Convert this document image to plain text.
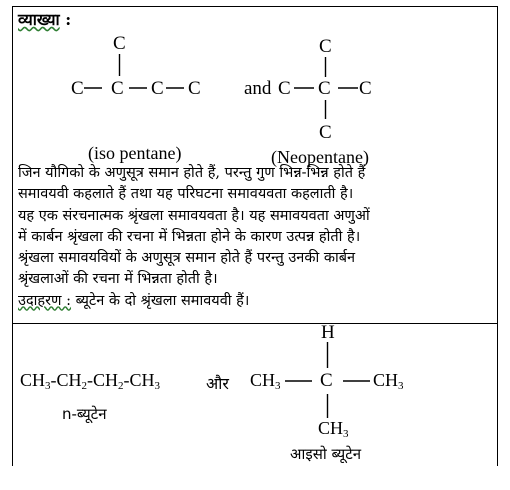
व्याख्या :
C
C C C C
(iso pentane)
and
C
C C C
C
(Neopentane)
जिन यौगिको के अणुसूत्र समान होते हैं, परन्तु गुण भिन्न-भिन्न होते हैं
समावयवी कहलाते हैं तथा यह परिघटना समावयवता कहलाती है।
यह एक संरचनात्मक श्रृंखला समावयवता है। यह समावयवता अणुओं
में कार्बन श्रृंखला की रचना में भिन्नता होने के कारण उत्पन्न होती है।
श्रृंखला समावयवियों के अणुसूत्र समान होते हैं परन्तु उनकी कार्बन
श्रृंखलाओं की रचना में भिन्नता होती है।
उदाहरण : ब्यूटेन के दो श्रृंखला समावयवी हैं।
$CH_3-CH_2-CH_2-CH_3$
n-ब्यूटेन
और
H
$CH_3$ C $CH_3$
$CH_3$
आइसो ब्यूटेन
